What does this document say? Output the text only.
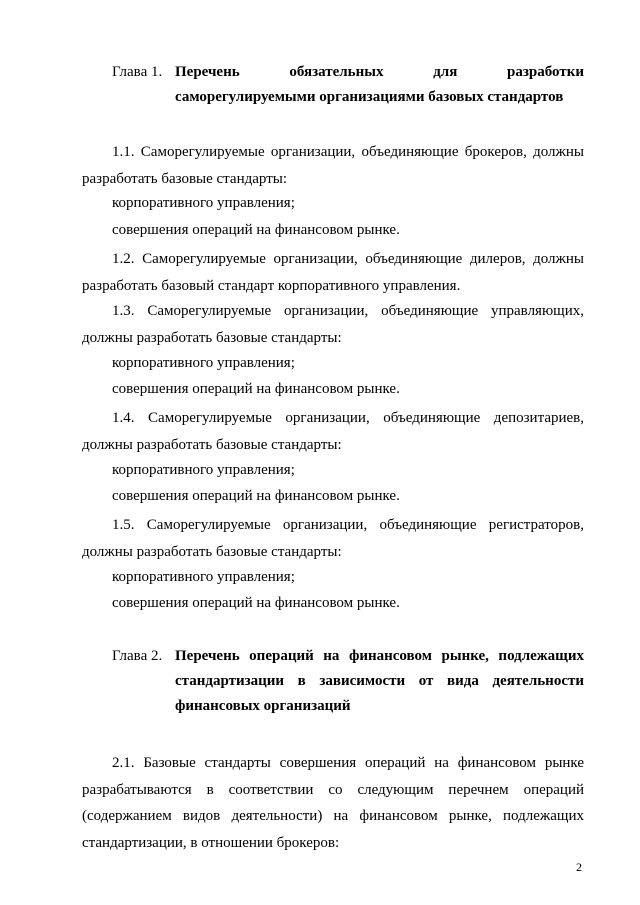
Глава 1. Перечень обязательных для разработки
саморегулируемыми организациями базовых стандартов

1.1. Саморегулируемые организации, объединяющие брокеров, должны разработать базовые стандарты:

корпоративного управления;
совершения операций на финансовом рынке.

1.2. Саморегулируемые организации, объединяющие дилеров, должны разработать базовый стандарт корпоративного управления.

1.3. Саморегулируемые организации, объединяющие управляющих, должны разработать базовые стандарты:

корпоративного управления;
совершения операций на финансовом рынке.

1.4. Саморегулируемые организации, объединяющие депозитариев, должны разработать базовые стандарты:

корпоративного управления;
совершения операций на финансовом рынке.

1.5. Саморегулируемые организации, объединяющие регистраторов, должны разработать базовые стандарты:

корпоративного управления;
совершения операций на финансовом рынке.
Глава 2. Перечень операций на финансовом рынке, подлежащих
стандартизации в зависимости от вида деятельности
финансовых организаций

2.1. Базовые стандарты совершения операций на финансовом рынке разрабатываются в соответствии со следующим перечнем операций (содержанием видов деятельности) на финансовом рынке, подлежащих стандартизации, в отношении брокеров:

2
